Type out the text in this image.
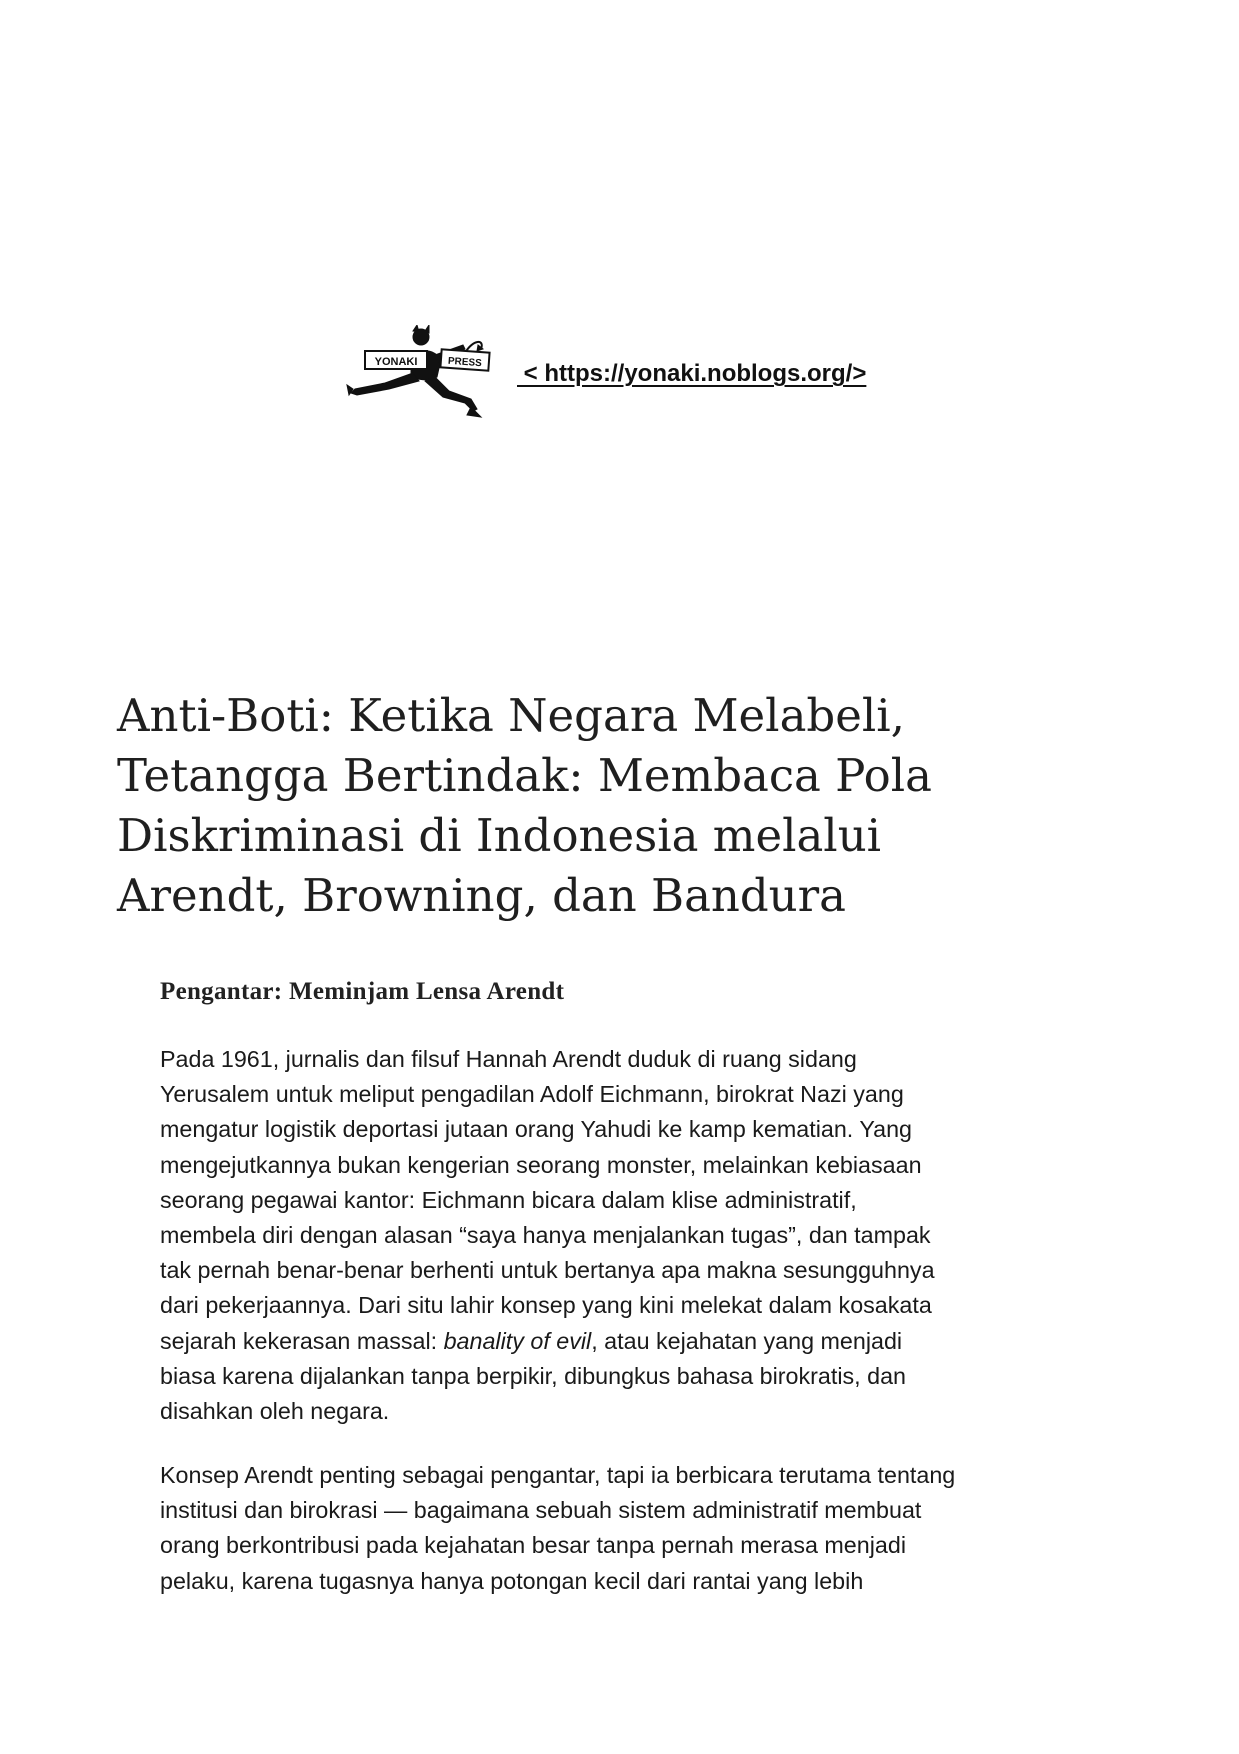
YONAKI	PRESS < https://yonaki.noblogs.org/>
Anti-Boti: Ketika Negara Melabeli,
Tetangga Bertindak: Membaca Pola
Diskriminasi di Indonesia melalui
Arendt, Browning, dan Bandura
Pengantar: Meminjam Lensa Arendt

Pada 1961, jurnalis dan filsuf Hannah Arendt duduk di ruang sidang
Yerusalem untuk meliput pengadilan Adolf Eichmann, birokrat Nazi yang
mengatur logistik deportasi jutaan orang Yahudi ke kamp kematian. Yang
mengejutkannya bukan kengerian seorang monster, melainkan kebiasaan
seorang pegawai kantor: Eichmann bicara dalam klise administratif,
membela diri dengan alasan “saya hanya menjalankan tugas”, dan tampak
tak pernah benar-benar berhenti untuk bertanya apa makna sesungguhnya
dari pekerjaannya. Dari situ lahir konsep yang kini melekat dalam kosakata
sejarah kekerasan massal: banality of evil, atau kejahatan yang menjadi
biasa karena dijalankan tanpa berpikir, dibungkus bahasa birokratis, dan
disahkan oleh negara.

Konsep Arendt penting sebagai pengantar, tapi ia berbicara terutama tentang
institusi dan birokrasi — bagaimana sebuah sistem administratif membuat
orang berkontribusi pada kejahatan besar tanpa pernah merasa menjadi
pelaku, karena tugasnya hanya potongan kecil dari rantai yang lebih
